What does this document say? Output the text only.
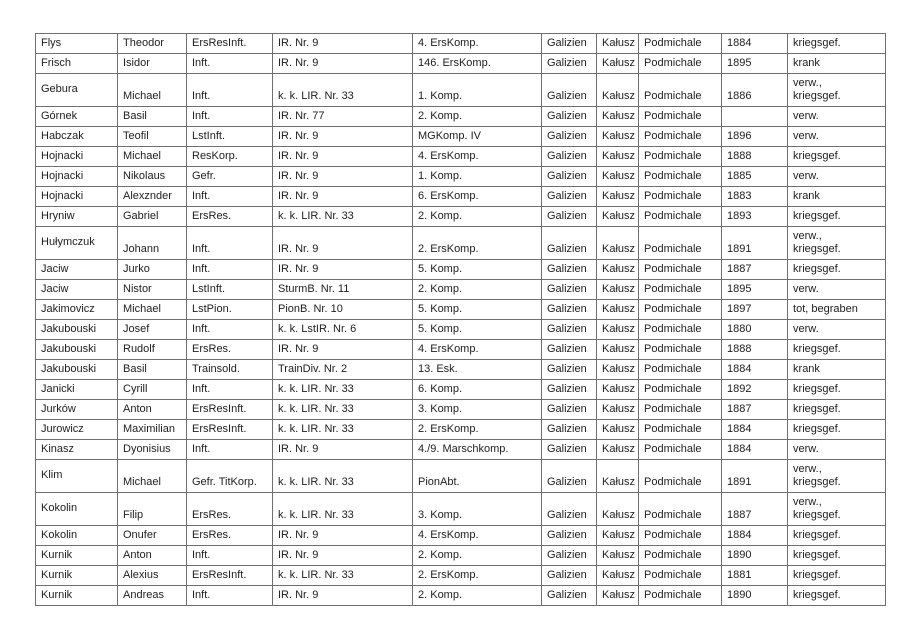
Flys	Theodor	ErsResInft.	IR. Nr. 9	4. ErsKomp.	Galizien	Kałusz	Podmichale	1884	kriegsgef.
Frisch	Isidor	Inft.	IR. Nr. 9	146. ErsKomp.	Galizien	Kałusz	Podmichale	1895	krank
Gebura	Michael	Inft.	k. k. LIR. Nr. 33	1. Komp.	Galizien	Kałusz	Podmichale	1886	verw.,
kriegsgef.
Górnek	Basil	Inft.	IR. Nr. 77	2. Komp.	Galizien	Kałusz	Podmichale		verw.
Habczak	Teofil	LstInft.	IR. Nr. 9	MGKomp. IV	Galizien	Kałusz	Podmichale	1896	verw.
Hojnacki	Michael	ResKorp.	IR. Nr. 9	4. ErsKomp.	Galizien	Kałusz	Podmichale	1888	kriegsgef.
Hojnacki	Nikolaus	Gefr.	IR. Nr. 9	1. Komp.	Galizien	Kałusz	Podmichale	1885	verw.
Hojnacki	Alexznder	Inft.	IR. Nr. 9	6. ErsKomp.	Galizien	Kałusz	Podmichale	1883	krank
Hryniw	Gabriel	ErsRes.	k. k. LIR. Nr. 33	2. Komp.	Galizien	Kałusz	Podmichale	1893	kriegsgef.
Hułymczuk	Johann	Inft.	IR. Nr. 9	2. ErsKomp.	Galizien	Kałusz	Podmichale	1891	verw.,
kriegsgef.
Jaciw	Jurko	Inft.	IR. Nr. 9	5. Komp.	Galizien	Kałusz	Podmichale	1887	kriegsgef.
Jaciw	Nistor	LstInft.	SturmB. Nr. 11	2. Komp.	Galizien	Kałusz	Podmichale	1895	verw.
Jakimovicz	Michael	LstPion.	PionB. Nr. 10	5. Komp.	Galizien	Kałusz	Podmichale	1897	tot, begraben
Jakubouski	Josef	Inft.	k. k. LstIR. Nr. 6	5. Komp.	Galizien	Kałusz	Podmichale	1880	verw.
Jakubouski	Rudolf	ErsRes.	IR. Nr. 9	4. ErsKomp.	Galizien	Kałusz	Podmichale	1888	kriegsgef.
Jakubouski	Basil	Trainsold.	TrainDiv. Nr. 2	13. Esk.	Galizien	Kałusz	Podmichale	1884	krank
Janicki	Cyrill	Inft.	k. k. LIR. Nr. 33	6. Komp.	Galizien	Kałusz	Podmichale	1892	kriegsgef.
Jurków	Anton	ErsResInft.	k. k. LIR. Nr. 33	3. Komp.	Galizien	Kałusz	Podmichale	1887	kriegsgef.
Jurowicz	Maximilian	ErsResInft.	k. k. LIR. Nr. 33	2. ErsKomp.	Galizien	Kałusz	Podmichale	1884	kriegsgef.
Kinasz	Dyonisius	Inft.	IR. Nr. 9	4./9. Marschkomp.	Galizien	Kałusz	Podmichale	1884	verw.
Klim	Michael	Gefr. TitKorp.	k. k. LIR. Nr. 33	PionAbt.	Galizien	Kałusz	Podmichale	1891	verw.,
kriegsgef.
Kokolin	Filip	ErsRes.	k. k. LIR. Nr. 33	3. Komp.	Galizien	Kałusz	Podmichale	1887	verw.,
kriegsgef.
Kokolin	Onufer	ErsRes.	IR. Nr. 9	4. ErsKomp.	Galizien	Kałusz	Podmichale	1884	kriegsgef.
Kurnik	Anton	Inft.	IR. Nr. 9	2. Komp.	Galizien	Kałusz	Podmichale	1890	kriegsgef.
Kurnik	Alexius	ErsResInft.	k. k. LIR. Nr. 33	2. ErsKomp.	Galizien	Kałusz	Podmichale	1881	kriegsgef.
Kurnik	Andreas	Inft.	IR. Nr. 9	2. Komp.	Galizien	Kałusz	Podmichale	1890	kriegsgef.
